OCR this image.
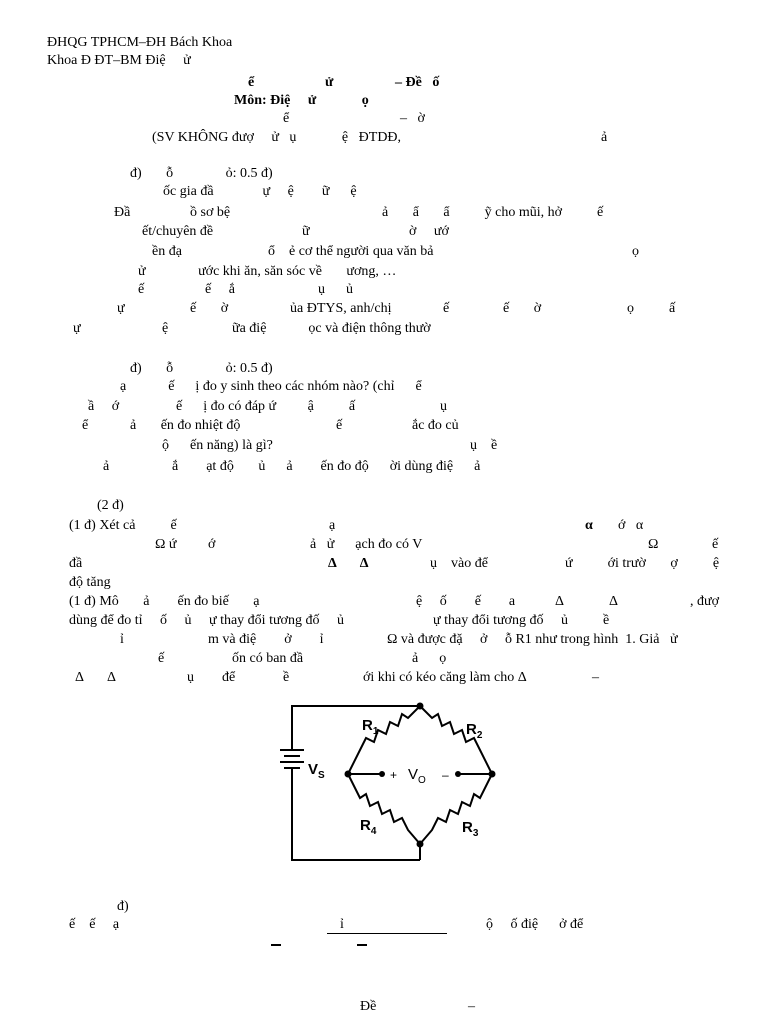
ĐHQG TPHCM–ĐH Bách Khoa
Khoa Đ ĐT–BM Điệ     ử
ể	ử	– Đề   ố
Môn: Điệ     ử             ọ
ể	–   ờ
(SV KHÔNG đượ     ử   ụ             ệ   ĐTDĐ,	ả
đ)       ỗ               ỏ: 0.5 đ)
ốc gia đầ              ự     ệ        ữ      ệ
Đầ	ồ sơ bệ	ả       ẩ       ẩ          ỹ cho mũi, hở          ế
ết/chuyên đề	ữ	ờ     ướ
ền đạ	ổ    ẻ cơ thể người qua văn bả	ọ
ử               ước khi ăn, săn sóc về       ương, …
ế	ế     ắ	ụ      ủ
ự	ế       ờ	ủa ĐTYS, anh/chị	ế	ế       ờ	ọ          ấ
ự	ệ	ữa điệ            ọc và điện thông thườ
đ)       ỗ               ỏ: 0.5 đ)
ạ            ế      ị đo y sinh theo các nhóm nào? (chỉ      ể
ầ     ớ	ế      ị đo có đáp ứ         ậ          ấ	ụ
ể	ả       ến đo nhiệt độ	ế	ắc đo củ
ộ      ến năng) là gì?	ụ    ề
ả	ắ        ạt độ       ủ      ả        ến đo độ      ời dùng điệ      ả
(2 đ)
(1 đ) Xét cả          ế	ạ	α ớ   α
Ω ứ         ớ	ả   ử      ạch đo có V	Ω	ế
đầ	Δ       Δ	ụ    vào để	ứ          ới trườ       ợ          ệ
độ tăng
(1 đ) Mô       ả        ến đo biế       ạ	ệ     ố        ế        a	Δ	Δ	, đượ
dùng để đo tỉ     ố     ủ     ự thay đổi tương đố     ủ	ự thay đổi tương đố     ủ          ề
ỉ	m và điệ        ở        ỉ	Ω và được đặ     ở     ỗ R1 như trong hình  1. Giả   ử
ế	ốn có ban đầ	ả      ọ
Δ       Δ	ụ        để	ề	ới khi có kéo căng làm cho Δ	–
$R_1$	$R_2$
$R_3$
$R_4$
$V_S$	$V_O$
+	–
đ)
ế    ế     ạ	ỉ	ộ     ố điệ      ở để
Đề	–
